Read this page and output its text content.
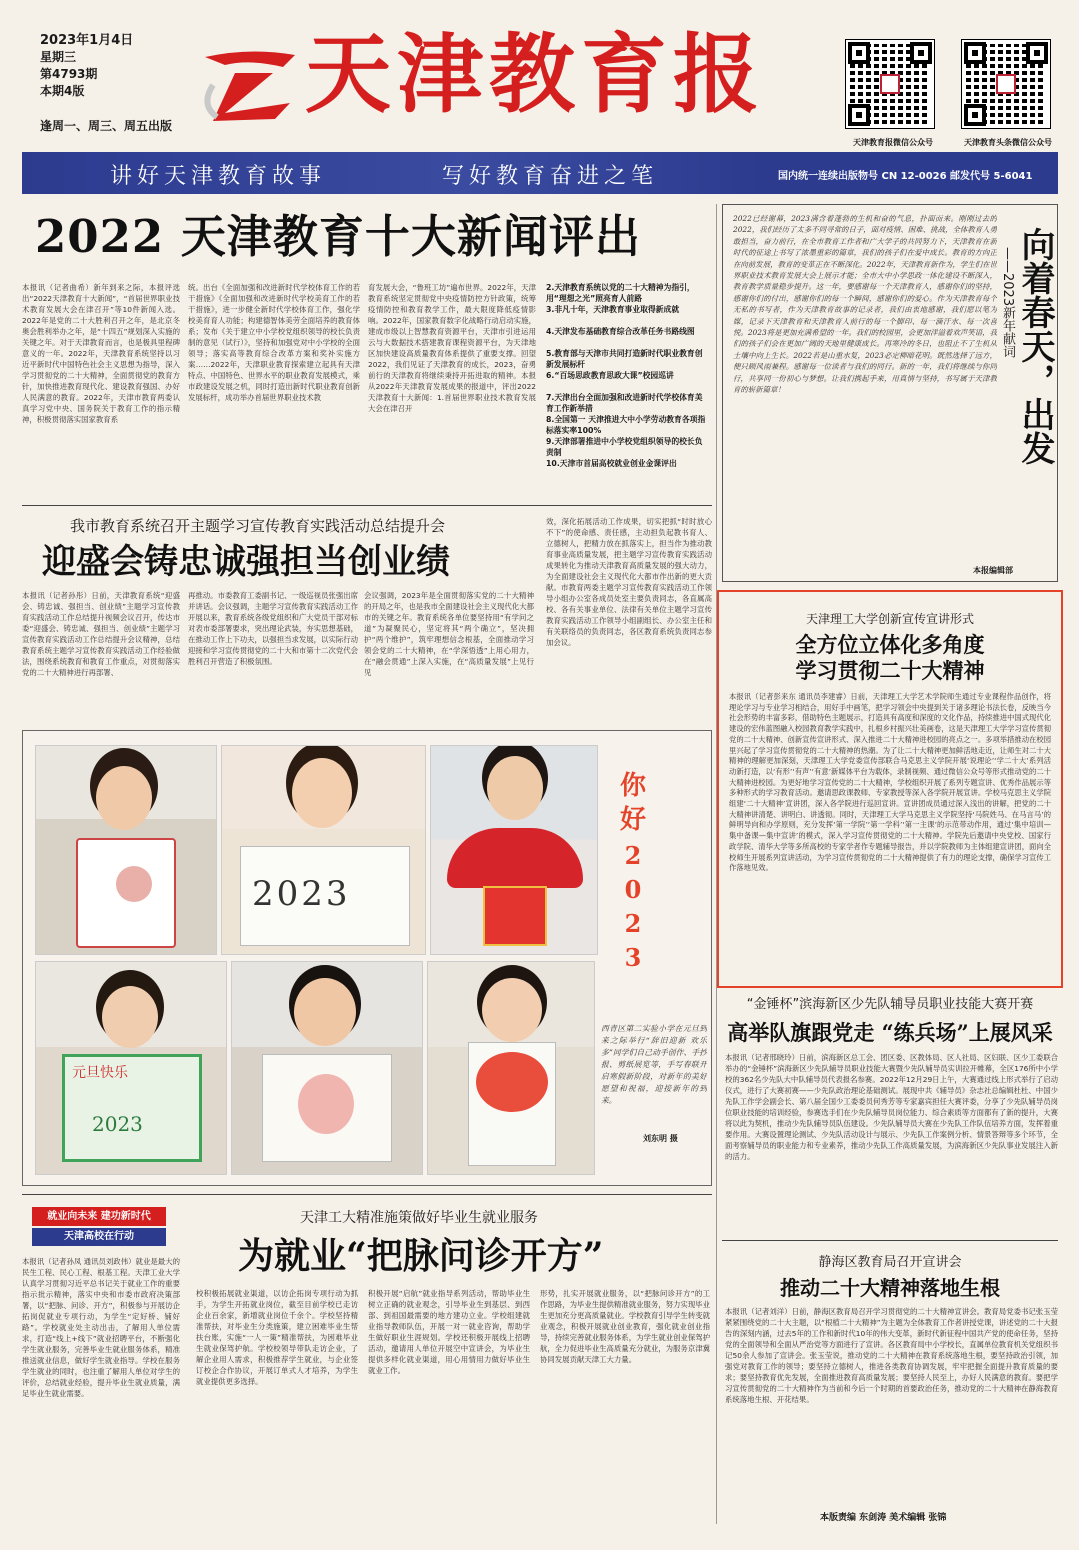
2023年1月4日
星期三
第4793期
本期4版
逢周一、周三、周五出版
天津教育报
天津教育报微信公众号	天津教育头条微信公众号
讲好天津教育故事	写好教育奋进之笔	国内统一连续出版物号 CN 12-0026 邮发代号 5-6041
2022 天津教育十大新闻评出
本报讯（记者曲希）新年到来之际，本报评选出“2022天津教育十大新闻”，“首届世界职业技术教育发展大会在津召开”等10件新闻入选。2022年是党的二十大胜利召开之年，是北京冬奥会胜利举办之年，是“十四五”规划深入实施的关键之年。对于天津教育而言，也是极具里程碑意义的一年。2022年，天津教育系统坚持以习近平新时代中国特色社会主义思想为指导，深入学习贯彻党的二十大精神，全面贯彻党的教育方针，加快推进教育现代化、建设教育强国、办好人民满意的教育。2022年，天津市教育两委认真学习党中央、国务院关于教育工作的指示精神，积极贯彻落实国家教育系
统。出台《全面加强和改进新时代学校体育工作的若干措施》《全面加强和改进新时代学校美育工作的若干措施》，进一步健全新时代学校体育工作，强化学校美育育人功能；构建德智体美劳全面培养的教育体系；发布《关于建立中小学校党组织领导的校长负责制的意见（试行）》，坚持和加强党对中小学校的全面领导；落实高等教育综合改革方案和奖补实施方案……2022年，天津职业教育探索建立起具有天津特点、中国特色、世界水平的职业教育发展模式，乘市政建设发展之机，同时打造出新时代职业教育创新发展标杆，成功举办首届世界职业技术教
育发展大会，“鲁班工坊”遍布世界。2022年，天津教育系统坚定贯彻党中央疫情防控方针政策，统筹疫情防控和教育教学工作，最大限度降低疫情影响。2022年，国家教育数字化战略行动启动实施，建成市级以上智慧教育资源平台，天津市引进运用云与大数据技术搭建教育课程资源平台，为天津地区加快建设高质量教育体系提供了重要支撑。回望2022，我们见证了天津教育的成长，2023，奋勇前行的天津教育将继续秉持开拓进取的精神。本报从2022年天津教育发展成果的报道中，评出2022天津教育十大新闻：1.首届世界职业技术教育发展大会在津召开
2.天津教育系统以党的二十大精神为指引，用“理想之光”照亮育人前路
3.非凡十年，天津教育事业取得新成就
4.天津发布基础教育综合改革任务书路线图
5.教育部与天津市共同打造新时代职业教育创新发展标杆
6.“百场思政教育思政大课”校园巡讲
7.天津出台全面加强和改进新时代学校体育美育工作新举措
8.全国第一 天津推进大中小学劳动教育各项指标落实率100%
9.天津部署推进中小学校党组织领导的校长负责制
10.天津市首届高校就业创业金课评出
2022已经谢幕，2023满含着蓬勃的生机和奋的气息，扑面而来。刚刚过去的2022，我们经历了太多不同寻常的日子，面对疫情、困难、挑战，全体教育人勇敢担当，奋力前行，在全市教育工作者和广大学子的共同努力下，天津教育在新时代的征途上书写了浓墨重彩的篇章，我们的孩子们在爱中成长。教育的方向正在向前发展，教育的变革正在不断深化。2022年，天津教育新作为，学生们在世界职业技术教育发展大会上展示才能；全市大中小学思政一体化建设不断深入，教育教学质量稳步提升。这一年，要感谢每一个天津教育人，感谢你们的坚持，感谢你们的付出，感谢你们的每一个瞬间，感谢你们的爱心。作为天津教育每个无私的书写者，作为天津教育故事的记录者，我们由衷地感谢，我们愿以笔为媒，记录下天津教育和天津教育人前行的每一个脚印、每一滴汗水、每一次喜悦。2023将是更加充满希望的一年。我们的校园里，会更加洋溢着欢声笑语，我们的孩子们会在更加广阔的天地里健康成长。再寒冷的冬日，也阻止不了生机从土壤中向上生长。2022若是山重水复，2023必定柳暗花明。既然选择了远方，便只顾风雨兼程。感谢每一位读者与我们的同行。新的一年，我们将继续与你同行，共享同一份初心与梦想。让我们携起手来，用真情与坚持，书写属于天津教育的崭新篇章！	向着春天，出发
——2023新年献词
本报编辑部
我市教育系统召开主题学习宣传教育实践活动总结提升会
迎盛会铸忠诚强担当创业绩
本报讯（记者孙彤）日前，天津教育系统“迎盛会、铸忠诚、强担当、创业绩”主题学习宣传教育实践活动工作总结提升视频会议召开，传达市委“迎盛会、铸忠诚、强担当、创业绩”主题学习宣传教育实践活动工作总结提升会议精神，总结教育系统主题学习宣传教育实践活动工作经验做法，围绕系统教育和教育工作重点，对贯彻落实党的二十大精神进行再部署、
再推动。市委教育工委副书记、一级巡视员张强出席并讲话。会议强调，主题学习宣传教育实践活动工作开展以来，教育系统各级党组织和广大党员干部对标对表市委部署要求，突出理论武装，夯实思想基础，在推动工作上下功夫，以强担当求发展，以实际行动迎接和学习宣传贯彻党的二十大和市第十二次党代会胜利召开营造了积极氛围。
会议强调，2023年是全面贯彻落实党的二十大精神的开局之年，也是我市全面建设社会主义现代化大都市的关键之年。教育系统各单位要坚持用“有学问之道”为凝聚民心，坚定将其“两个确立”，坚决拥护“两个维护”，筑牢理想信念根基，全面推动学习领会党的二十大精神，在“学深悟透”上用心用力，在“融会贯通”上深入实施，在“高质量发展”上见行见
效，深化拓展活动工作成果，切实把抓“时时放心不下”的使命感、责任感，主动担负起教书育人、立德树人，把精力放在抓落实上，担当作为推动教育事业高质量发展，把主题学习宣传教育实践活动成果转化为推动天津教育高质量发展的强大动力，为全面建设社会主义现代化大都市作出新的更大贡献。市教育两委主题学习宣传教育实践活动工作领导小组办公室各成员处室主要负责同志，各直属高校、各有关事业单位、法律有关单位主题学习宣传教育实践活动工作领导小组副组长、办公室主任和有关联络员的负责同志，各区教育系统负责同志参加会议。
2023
你
好
2
0
2
3
元旦快乐
2023
西青区第二实验小学在元旦到来之际举行“辞旧迎新 欢乐多”同学们自己动手创作、手抄报、剪纸展览等，手写春联开启寒假新阶段，对新年的美好愿望和祝福，迎接新年的到来。
刘东明 摄
天津理工大学创新宣传宣讲形式
全方位立体化多角度
学习贯彻二十大精神
本报讯（记者彭来东 通讯员李建睿）日前，天津理工大学艺术学院师生通过专业课程作品创作，将理论学习与专业学习相结合，用好手中画笔，把学习领会中央提到关于诸多理论书法长卷，反映当今社会形势的丰富多彩，借助特色主题展示，打造具有高度和深度的文化作品，持续推进中国式现代化建设的宏伟蓝图融入校园教育教学实践中，扎根乡村振兴壮美画卷，这是天津理工大学学习宣传贯彻党的二十大精神、创新宣传宣讲形式、深入推进二十大精神进校园的亮点之一。多项举措推动在校园里兴起了学习宣传贯彻党的二十大精神的热潮。为了让二十大精神更加鲜活地走近，让师生对二十大精神的理解更加深刻，天津理工大学党委宣传部联合马克思主义学院开展‘说理论’‘学二十大’系列活动新打造，以‘有形’‘有声’‘有意’新媒体平台为载体，录制视频、通过微信公众号等形式推动党的二十大精神进校园。为更好地学习宣传党的二十大精神，学校组织开展了系列专题宣讲、优秀作品展示等多种形式的学习教育活动。邀请思政课教师、专家教授等深入各学院开展宣讲。学校马克思主义学院组建‘二十大精神’宣讲团，深入各学院进行巡回宣讲。宣讲团成员通过深入浅出的讲解，把党的二十大精神讲清楚、讲明白、讲透彻。同时，天津理工大学马克思主义学院坚持‘马院姓马、在马言马’的鲜明导向和办学原则，充分发挥‘第一学院’‘第一学科’‘第一主课’的示范带动作用，通过‘集中培训—集中备课—集中宣讲’的模式，深入学习宣传贯彻党的二十大精神。学院先后邀请中央党校、国家行政学院、清华大学等多所高校的专家学者作专题辅导报告，并以学院教师为主体组建宣讲团，面向全校师生开展系列宣讲活动，为学习宣传贯彻党的二十大精神提供了有力的理论支撑，确保学习宣传工作落地见效。
“金锤杯”滨海新区少先队辅导员职业技能大赛开赛
高举队旗跟党走 “练兵场”上展风采
本报讯（记者邢晓玲）日前，滨海新区总工会、团区委、区教体局、区人社局、区妇联、区少工委联合举办的“金锤杯”滨海新区少先队辅导员职业技能大赛暨少先队辅导员实训拉开帷幕，全区176所中小学校的362名少先队大中队辅导员代表报名参赛。2022年12月29日上午，大赛通过线上形式举行了启动仪式，进行了大赛初赛——少先队政治理论基础测试。展现中共《辅导员》杂志社总编辑杜杜、中国少先队工作学会副会长、第八届全国少工委委员何秀芳等专家嘉宾担任大赛评委，分享了少先队辅导员岗位职业技能的培训经验，参赛选手们在少先队辅导员岗位能力、综合素质等方面都有了新的提升，大赛将以此为契机，推动少先队辅导员队伍建设。少先队辅导员大赛在少先队工作队伍培养方面，发挥着重要作用。大赛设置理论测试、少先队活动设计与展示、少先队工作案例分析、情景答辩等多个环节，全面考察辅导员的职业能力和专业素养，推动少先队工作高质量发展，为滨海新区少先队事业发展注入新的活力。
静海区教育局召开宣讲会
推动二十大精神落地生根
本报讯（记者刘洋）日前，静海区教育局召开学习贯彻党的二十大精神宣讲会。教育局党委书记张玉莹紧紧围绕党的二十大主题，以“根植二十大精神”为主题为全体教育工作者讲授党课，讲述党的二十大报告的深刻内涵，过去5年的工作和新时代10年的伟大变革，新时代新征程中国共产党的使命任务，坚持党的全面领导和全面从严治党等方面进行了宣讲。各区教育局中小学校长，直属单位教育机关党组织书记50余人参加了宣讲会。张玉莹说，推动党的二十大精神在教育系统落地生根，要坚持政治引领，加强党对教育工作的领导；要坚持立德树人，推进各类教育协调发展，牢牢把握全面提升教育质量的要求；要坚持教育优先发展，全面推进教育高质量发展；要坚持人民至上，办好人民满意的教育。要把学习宣传贯彻党的二十大精神作为当前和今后一个时期的首要政治任务，推动党的二十大精神在静海教育系统落地生根、开花结果。
就业向未来 建功新时代
天津高校在行动
天津工大精准施策做好毕业生就业服务
为就业“把脉问诊开方”
本报讯（记者孙凤 通讯员刘政伟）就业是最大的民生工程、民心工程、根基工程。天津工业大学认真学习贯彻习近平总书记关于就业工作的重要指示批示精神，落实中央和市委市政府决策部署，以“把脉、问诊、开方”，积极参与开展访企拓岗促就业专项行动，为学生“定好桥、铺好路”。学校就业处主动出击，了解用人单位需求，打造“线上+线下”就业招聘平台，不断强化学生就业服务，完善毕业生就业服务体系，精准推送就业信息，做好学生就业指导。学校在服务学生就业的同时，也注重了解用人单位对学生的评价，总结就业经验，提升毕业生就业质量，满足毕业生就业需要。
校积极拓展就业渠道，以访企拓岗专项行动为抓手，为学生开拓就业岗位，截至目前学校已走访企业百余家，新增就业岗位千余个。学校坚持精准帮扶，对毕业生分类施策，建立困难毕业生帮扶台账，实施“一人一策”精准帮扶，为困难毕业生就业保驾护航。学校校领导带队走访企业，了解企业用人需求，积极推荐学生就业，与企业签订校企合作协议，开展订单式人才培养，为学生就业提供更多选择。
积极开展“启航”就业指导系列活动，帮助毕业生树立正确的就业观念，引导毕业生到基层、到西部、到祖国最需要的地方建功立业。学校组建就业指导教师队伍，开展一对一就业咨询，帮助学生做好职业生涯规划。学校还积极开展线上招聘活动，邀请用人单位开展空中宣讲会，为毕业生提供多样化就业渠道，用心用情用力做好毕业生就业工作。
形势，扎实开展就业服务，以“把脉问诊开方”的工作思路，为毕业生提供精准就业服务，努力实现毕业生更加充分更高质量就业。学校教育引导学生转变就业观念，积极开展就业创业教育，强化就业创业指导，持续完善就业服务体系，为学生就业创业保驾护航，全力促进毕业生高质量充分就业，为服务京津冀协同发展贡献天津工大力量。
本版责编 东剑涛 美术编辑 张锦
